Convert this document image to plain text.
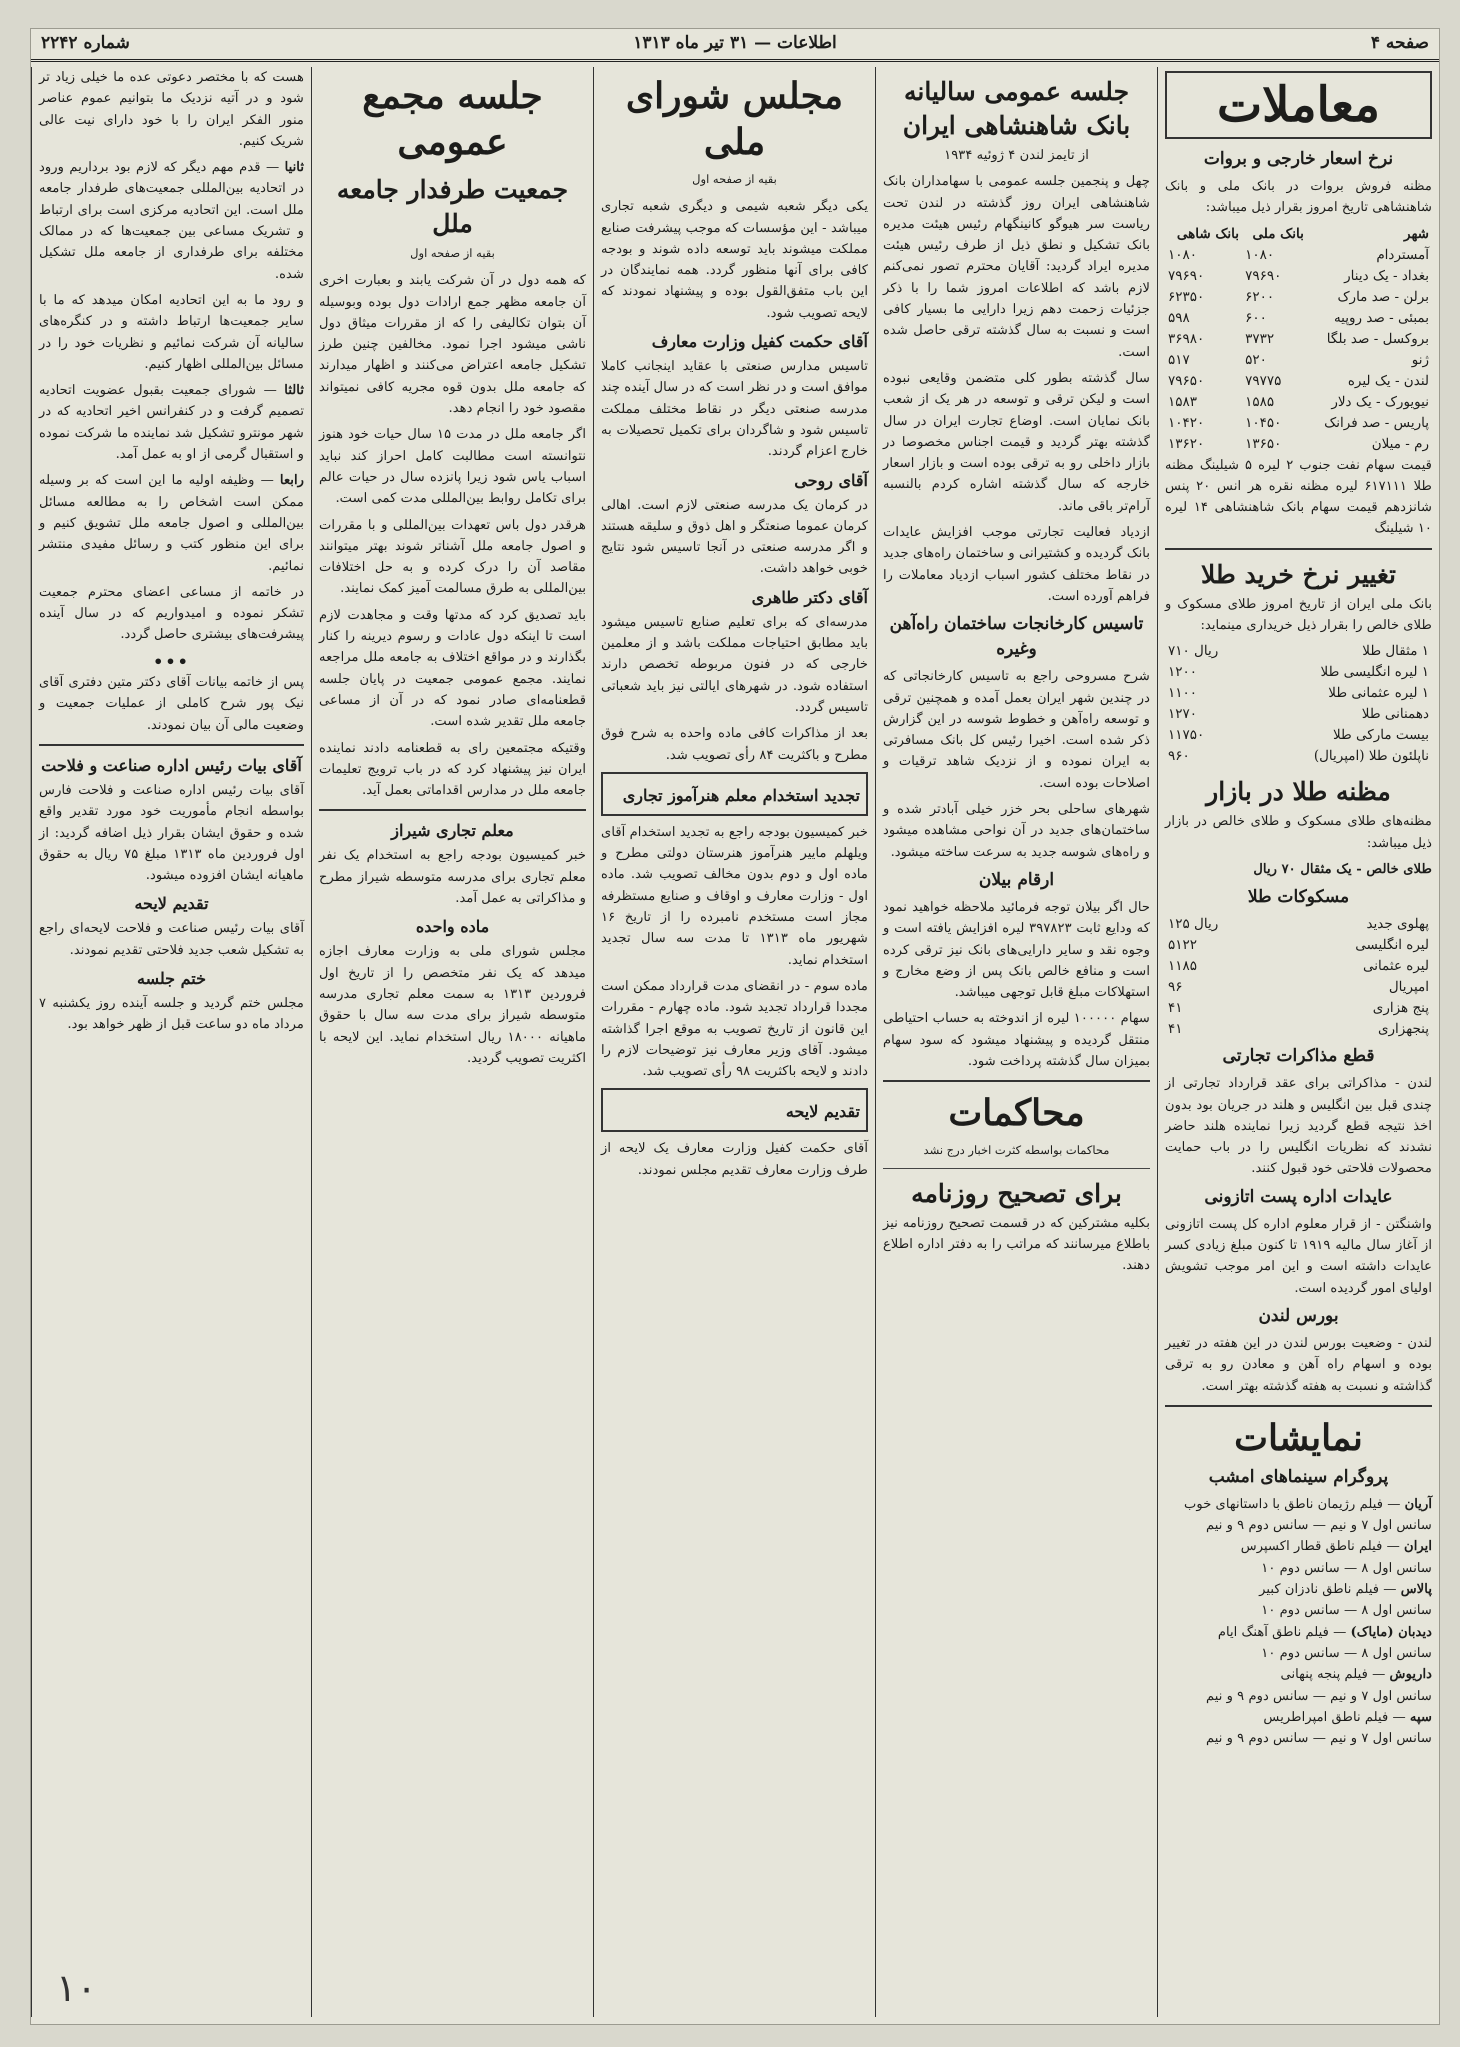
صفحه ۴
اطلاعات — ۳۱ تیر ماه ۱۳۱۳
شماره ۲۲۴۲
معاملات
نرخ اسعار خارجی و بروات

مظنه فروش بروات در بانک ملی و بانک شاهنشاهی تاریخ امروز بقرار ذیل میباشد:

شهر	بانک ملی	بانک شاهی
آمستردام	۱۰۸۰	۱۰۸۰
بغداد - یک دینار	۷۹۶۹۰	۷۹۶۹۰
برلن - صد مارک	۶۲۰۰	۶۲۳۵۰
بمبئی - صد روپیه	۶۰۰	۵۹۸
بروکسل - صد بلگا	۳۷۳۲	۳۶۹۸۰
ژنو	۵۲۰	۵۱۷
لندن - یک لیره	۷۹۷۷۵	۷۹۶۵۰
نیویورک - یک دلار	۱۵۸۵	۱۵۸۳
پاریس - صد فرانک	۱۰۴۵۰	۱۰۴۲۰
رم - میلان	۱۳۶۵۰	۱۳۶۲۰

قیمت سهام نفت جنوب ۲ لیره ۵ شیلینگ مظنه طلا ۶۱۷۱۱۱ لیره مظنه نقره هر انس ۲۰ پنس شانزدهم قیمت سهام بانک شاهنشاهی ۱۴ لیره ۱۰ شیلینگ

تغییر نرخ خرید طلا

بانک ملی ایران از تاریخ امروز طلای مسکوک و طلای خالص را بقرار ذیل خریداری مینماید:

۱ مثقال طلا	۷۱۰ ریال
۱ لیره انگلیسی طلا	۱۲۰۰
۱ لیره عثمانی طلا	۱۱۰۰
دهمنانی طلا	۱۲۷۰
بیست مارکی طلا	۱۱۷۵۰
ناپلئون طلا (امپریال)	۹۶۰
مظنه طلا در بازار

مظنه‌های طلای مسکوک و طلای خالص در بازار ذیل میباشد:

طلای خالص - یک مثقال ۷۰ ریال

مسکوکات طلا
پهلوی جدید	۱۲۵ ریال
لیره انگلیسی	۵۱۲۲
لیره عثمانی	۱۱۸۵
امپریال	۹۶
پنج هزاری	۴۱
پنجهزاری	۴۱
قطع مذاکرات تجارتی

لندن - مذاکراتی برای عقد قرارداد تجارتی از چندی قبل بین انگلیس و هلند در جریان بود بدون اخذ نتیجه قطع گردید زیرا نماینده هلند حاضر نشدند که نظریات انگلیس را در باب حمایت محصولات فلاحتی خود قبول کنند.

عایدات اداره پست اتازونی

واشنگتن - از قرار معلوم اداره کل پست اتازونی از آغاز سال مالیه ۱۹۱۹ تا کنون مبلغ زیادی کسر عایدات داشته است و این امر موجب تشویش اولیای امور گردیده است.

بورس لندن

لندن - وضعیت بورس لندن در این هفته در تغییر بوده و اسهام راه آهن و معادن رو به ترقی گذاشته و نسبت به هفته گذشته بهتر است.

نمایشات
پروگرام سینماهای امشب
آریان — فیلم رژیمان ناطق با داستانهای خوب
سانس اول ۷ و نیم — سانس دوم ۹ و نیم
ایران — فیلم ناطق قطار اکسپرس
سانس اول ۸ — سانس دوم ۱۰
پالاس — فیلم ناطق نادزان کبیر
سانس اول ۸ — سانس دوم ۱۰
دیدبان (مایاک) — فیلم ناطق آهنگ ایام
سانس اول ۸ — سانس دوم ۱۰
داریوش — فیلم پنجه پنهانی
سانس اول ۷ و نیم — سانس دوم ۹ و نیم
سپه — فیلم ناطق امپراطریس
سانس اول ۷ و نیم — سانس دوم ۹ و نیم
جلسه عمومی سالیانه بانک شاهنشاهی ایران

از تایمز لندن ۴ ژوئیه ۱۹۳۴

چهل و پنجمین جلسه عمومی با سهامداران بانک شاهنشاهی ایران روز گذشته در لندن تحت ریاست سر هیوگو کانینگهام رئیس هیئت مدیره بانک تشکیل و نطق ذیل از طرف رئیس هیئت مدیره ایراد گردید: آقایان محترم تصور نمی‌کنم لازم باشد که اطلاعات امروز شما را با ذکر جزئیات زحمت دهم زیرا دارایی ما بسیار کافی است و نسبت به سال گذشته ترقی حاصل شده است.

سال گذشته بطور کلی متضمن وقایعی نبوده است و لیکن ترقی و توسعه در هر یک از شعب بانک نمایان است. اوضاع تجارت ایران در سال گذشته بهتر گردید و قیمت اجناس مخصوصا در بازار داخلی رو به ترقی بوده است و بازار اسعار خارجه که سال گذشته اشاره کردم بالنسبه آرام‌تر باقی ماند.

ازدیاد فعالیت تجارتی موجب افزایش عایدات بانک گردیده و کشتیرانی و ساختمان راه‌های جدید در نقاط مختلف کشور اسباب ازدیاد معاملات را فراهم آورده است.

تاسیس کارخانجات ساختمان راه‌آهن وغیره

شرح مسروحی راجع به تاسیس کارخانجاتی که در چندین شهر ایران بعمل آمده و همچنین ترقی و توسعه راه‌آهن و خطوط شوسه در این گزارش ذکر شده است. اخیرا رئیس کل بانک مسافرتی به ایران نموده و از نزدیک شاهد ترقیات و اصلاحات بوده است.

شهرهای ساحلی بحر خزر خیلی آبادتر شده و ساختمان‌های جدید در آن نواحی مشاهده میشود و راه‌های شوسه جدید به سرعت ساخته میشود.

ارقام بیلان

حال اگر بیلان توجه فرمائید ملاحظه خواهید نمود که ودایع ثابت ۳۹۷۸۲۳ لیره افزایش یافته است و وجوه نقد و سایر دارایی‌های بانک نیز ترقی کرده است و منافع خالص بانک پس از وضع مخارج و استهلاکات مبلغ قابل توجهی میباشد.

سهام ۱۰۰۰۰۰ لیره از اندوخته به حساب احتیاطی منتقل گردیده و پیشنهاد میشود که سود سهام بمیزان سال گذشته پرداخت شود.

محاکمات

محاکمات بواسطه کثرت اخبار درج نشد

برای تصحیح روزنامه

بکلیه مشترکین که در قسمت تصحیح روزنامه نیز باطلاع میرسانند که مراتب را به دفتر اداره اطلاع دهند.

مجلس شورای ملی

بقیه از صفحه اول

یکی دیگر شعبه شیمی و دیگری شعبه تجاری میباشد - این مؤسسات که موجب پیشرفت صنایع مملکت میشوند باید توسعه داده شوند و بودجه کافی برای آنها منظور گردد. همه نمایندگان در این باب متفق‌القول بوده و پیشنهاد نمودند که لایحه تصویب شود.

آقای حکمت کفیل وزارت معارف

تاسیس مدارس صنعتی با عقاید اینجانب کاملا موافق است و در نظر است که در سال آینده چند مدرسه صنعتی دیگر در نقاط مختلف مملکت تاسیس شود و شاگردان برای تکمیل تحصیلات به خارج اعزام گردند.

آقای روحی

در کرمان یک مدرسه صنعتی لازم است. اهالی کرمان عموما صنعتگر و اهل ذوق و سلیقه هستند و اگر مدرسه صنعتی در آنجا تاسیس شود نتایج خوبی خواهد داشت.

آقای دکتر طاهری

مدرسه‌ای که برای تعلیم صنایع تاسیس میشود باید مطابق احتیاجات مملکت باشد و از معلمین خارجی که در فنون مربوطه تخصص دارند استفاده شود. در شهرهای ایالتی نیز باید شعباتی تاسیس گردد.

بعد از مذاکرات کافی ماده واحده به شرح فوق مطرح و باکثریت ۸۴ رأی تصویب شد.

تجدید استخدام معلم هنرآموز تجاری

خبر کمیسیون بودجه راجع به تجدید استخدام آقای ویلهلم ماییر هنرآموز هنرستان دولتی مطرح و ماده اول و دوم بدون مخالف تصویب شد. ماده اول - وزارت معارف و اوقاف و صنایع مستظرفه مجاز است مستخدم نامبرده را از تاریخ ۱۶ شهریور ماه ۱۳۱۳ تا مدت سه سال تجدید استخدام نماید.

ماده سوم - در انقضای مدت قرارداد ممکن است مجددا قرارداد تجدید شود. ماده چهارم - مقررات این قانون از تاریخ تصویب به موقع اجرا گذاشته میشود. آقای وزیر معارف نیز توضیحات لازم را دادند و لایحه باکثریت ۹۸ رأی تصویب شد.

تقدیم لایحه

آقای حکمت کفیل وزارت معارف یک لایحه از طرف وزارت معارف تقدیم مجلس نمودند.

جلسه مجمع عمومی
جمعیت طرفدار جامعه ملل

بقیه از صفحه اول

که همه دول در آن شرکت یابند و بعبارت اخری آن جامعه مظهر جمع ارادات دول بوده وبوسیله آن بتوان تکالیفی را که از مقررات میثاق دول ناشی میشود اجرا نمود. مخالفین چنین طرز تشکیل جامعه اعتراض می‌کنند و اظهار میدارند که جامعه ملل بدون قوه مجریه کافی نمیتواند مقصود خود را انجام دهد.

اگر جامعه ملل در مدت ۱۵ سال حیات خود هنوز نتوانسته است مطالبت کامل احراز کند نباید اسباب یاس شود زیرا پانزده سال در حیات عالم برای تکامل روابط بین‌المللی مدت کمی است.

هرقدر دول باس تعهدات بین‌المللی و با مقررات و اصول جامعه ملل آشناتر شوند بهتر میتوانند مقاصد آن را درک کرده و به حل اختلافات بین‌المللی به طرق مسالمت آمیز کمک نمایند.

باید تصدیق کرد که مدتها وقت و مجاهدت لازم است تا اینکه دول عادات و رسوم دیرینه را کنار بگذارند و در مواقع اختلاف به جامعه ملل مراجعه نمایند. مجمع عمومی جمعیت در پایان جلسه قطعنامه‌ای صادر نمود که در آن از مساعی جامعه ملل تقدیر شده است.

وقتیکه مجتمعین رای به قطعنامه دادند نماینده ایران نیز پیشنهاد کرد که در باب ترویج تعلیمات جامعه ملل در مدارس اقداماتی بعمل آید.

معلم تجاری شیراز

خبر کمیسیون بودجه راجع به استخدام یک نفر معلم تجاری برای مدرسه متوسطه شیراز مطرح و مذاکراتی به عمل آمد.

ماده واحده

مجلس شورای ملی به وزارت معارف اجازه میدهد که یک نفر متخصص را از تاریخ اول فروردین ۱۳۱۳ به سمت معلم تجاری مدرسه متوسطه شیراز برای مدت سه سال با حقوق ماهیانه ۱۸۰۰۰ ریال استخدام نماید. این لایحه با اکثریت تصویب گردید.

هست که با مختصر دعوتی عده ما خیلی زیاد تر شود و در آتیه نزدیک ما بتوانیم عموم عناصر منور الفکر ایران را با خود دارای نیت عالی شریک کنیم.

ثانیا — قدم مهم دیگر که لازم بود برداریم ورود در اتحادیه بین‌المللی جمعیت‌های طرفدار جامعه ملل است. این اتحادیه مرکزی است برای ارتباط و تشریک مساعی بین جمعیت‌ها که در ممالک مختلفه برای طرفداری از جامعه ملل تشکیل شده.

و رود ما به این اتحادیه امکان میدهد که ما با سایر جمعیت‌ها ارتباط داشته و در کنگره‌های سالیانه آن شرکت نمائیم و نظریات خود را در مسائل بین‌المللی اظهار کنیم.

ثالثا — شورای جمعیت بقبول عضویت اتحادیه تصمیم گرفت و در کنفرانس اخیر اتحادیه که در شهر مونترو تشکیل شد نماینده ما شرکت نموده و استقبال گرمی از او به عمل آمد.

رابعا — وظیفه اولیه ما این است که بر وسیله ممکن است اشخاص را به مطالعه مسائل بین‌المللی و اصول جامعه ملل تشویق کنیم و برای این منظور کتب و رسائل مفیدی منتشر نمائیم.

در خاتمه از مساعی اعضای محترم جمعیت تشکر نموده و امیدواریم که در سال آینده پیشرفت‌های بیشتری حاصل گردد.

•••

پس از خاتمه بیانات آقای دکتر متین دفتری آقای نیک پور شرح کاملی از عملیات جمعیت و وضعیت مالی آن بیان نمودند.

آقای بیات رئیس اداره صناعت و فلاحت

آقای بیات رئیس اداره صناعت و فلاحت فارس بواسطه انجام مأموریت خود مورد تقدیر واقع شده و حقوق ایشان بقرار ذیل اضافه گردید: از اول فروردین ماه ۱۳۱۳ مبلغ ۷۵ ریال به حقوق ماهیانه ایشان افزوده میشود.

تقدیم لایحه

آقای بیات رئیس صناعت و فلاحت لایحه‌ای راجع به تشکیل شعب جدید فلاحتی تقدیم نمودند.

ختم جلسه

مجلس ختم گردید و جلسه آینده روز یکشنبه ۷ مرداد ماه دو ساعت قبل از ظهر خواهد بود.

۱۰
